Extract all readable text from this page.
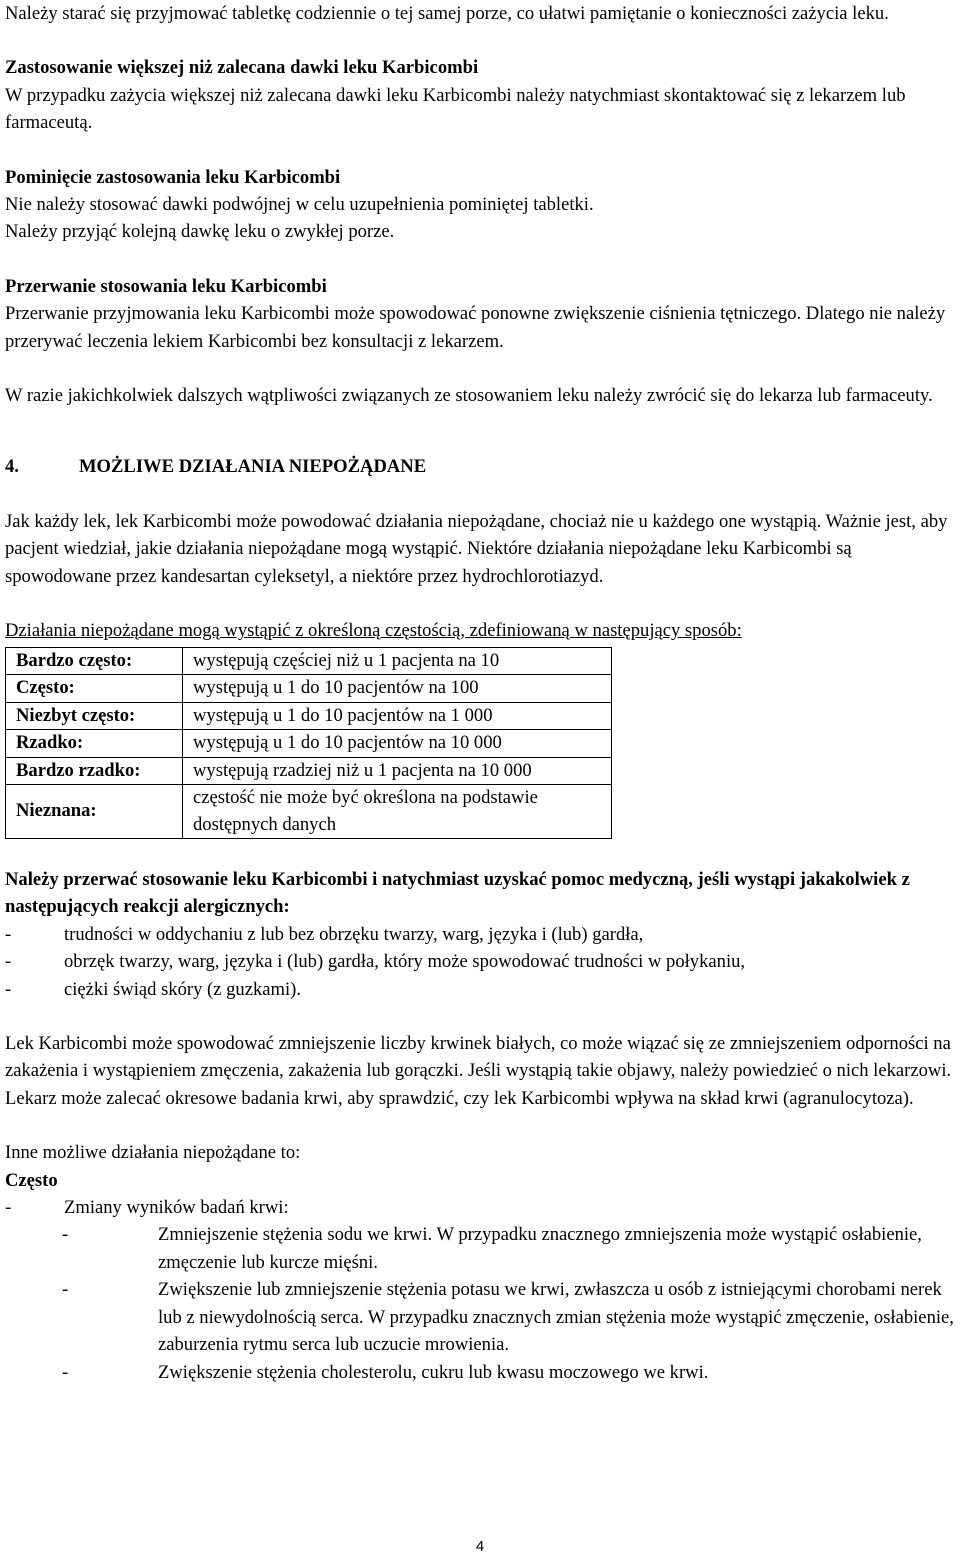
Należy starać się przyjmować tabletkę codziennie o tej samej porze, co ułatwi pamiętanie o konieczności zażycia leku.

Zastosowanie większej niż zalecana dawki leku Karbicombi

W przypadku zażycia większej niż zalecana dawki leku Karbicombi należy natychmiast skontaktować się z lekarzem lub farmaceutą.

Pominięcie zastosowania leku Karbicombi

Nie należy stosować dawki podwójnej w celu uzupełnienia pominiętej tabletki.

Należy przyjąć kolejną dawkę leku o zwykłej porze.

Przerwanie stosowania leku Karbicombi

Przerwanie przyjmowania leku Karbicombi może spowodować ponowne zwiększenie ciśnienia tętniczego. Dlatego nie należy przerywać leczenia lekiem Karbicombi bez konsultacji z lekarzem.

W razie jakichkolwiek dalszych wątpliwości związanych ze stosowaniem leku należy zwrócić się do lekarza lub farmaceuty.

4.	MOŻLIWE DZIAŁANIA NIEPOŻĄDANE

Jak każdy lek, lek Karbicombi może powodować działania niepożądane, chociaż nie u każdego one wystąpią. Ważnie jest, aby pacjent wiedział, jakie działania niepożądane mogą wystąpić. Niektóre działania niepożądane leku Karbicombi są spowodowane przez kandesartan cyleksetyl, a niektóre przez hydrochlorotiazyd.

Działania niepożądane mogą wystąpić z określoną częstością, zdefiniowaną w następujący sposób:

Bardzo często:	występują częściej niż u 1 pacjenta na 10
Często:	występują u 1 do 10 pacjentów na 100
Niezbyt często:	występują u 1 do 10 pacjentów na 1 000
Rzadko:	występują u 1 do 10 pacjentów na 10 000
Bardzo rzadko:	występują rzadziej niż u 1 pacjenta na 10 000
Nieznana:	częstość nie może być określona na podstawie dostępnych danych

Należy przerwać stosowanie leku Karbicombi i natychmiast uzyskać pomoc medyczną, jeśli wystąpi jakakolwiek z następujących reakcji alergicznych:

- trudności w oddychaniu z lub bez obrzęku twarzy, warg, języka i (lub) gardła,
- obrzęk twarzy, warg, języka i (lub) gardła, który może spowodować trudności w połykaniu,
- ciężki świąd skóry (z guzkami).

Lek Karbicombi może spowodować zmniejszenie liczby krwinek białych, co może wiązać się ze zmniejszeniem odporności na zakażenia i wystąpieniem zmęczenia, zakażenia lub gorączki. Jeśli wystąpią takie objawy, należy powiedzieć o nich lekarzowi. Lekarz może zalecać okresowe badania krwi, aby sprawdzić, czy lek Karbicombi wpływa na skład krwi (agranulocytoza).

Inne możliwe działania niepożądane to:

Często

- Zmiany wyników badań krwi:
- Zmniejszenie stężenia sodu we krwi. W przypadku znacznego zmniejszenia może wystąpić osłabienie, zmęczenie lub kurcze mięśni.
- Zwiększenie lub zmniejszenie stężenia potasu we krwi, zwłaszcza u osób z istniejącymi chorobami nerek lub z niewydolnością serca. W przypadku znacznych zmian stężenia może wystąpić zmęczenie, osłabienie, zaburzenia rytmu serca lub uczucie mrowienia.
- Zwiększenie stężenia cholesterolu, cukru lub kwasu moczowego we krwi.
4
